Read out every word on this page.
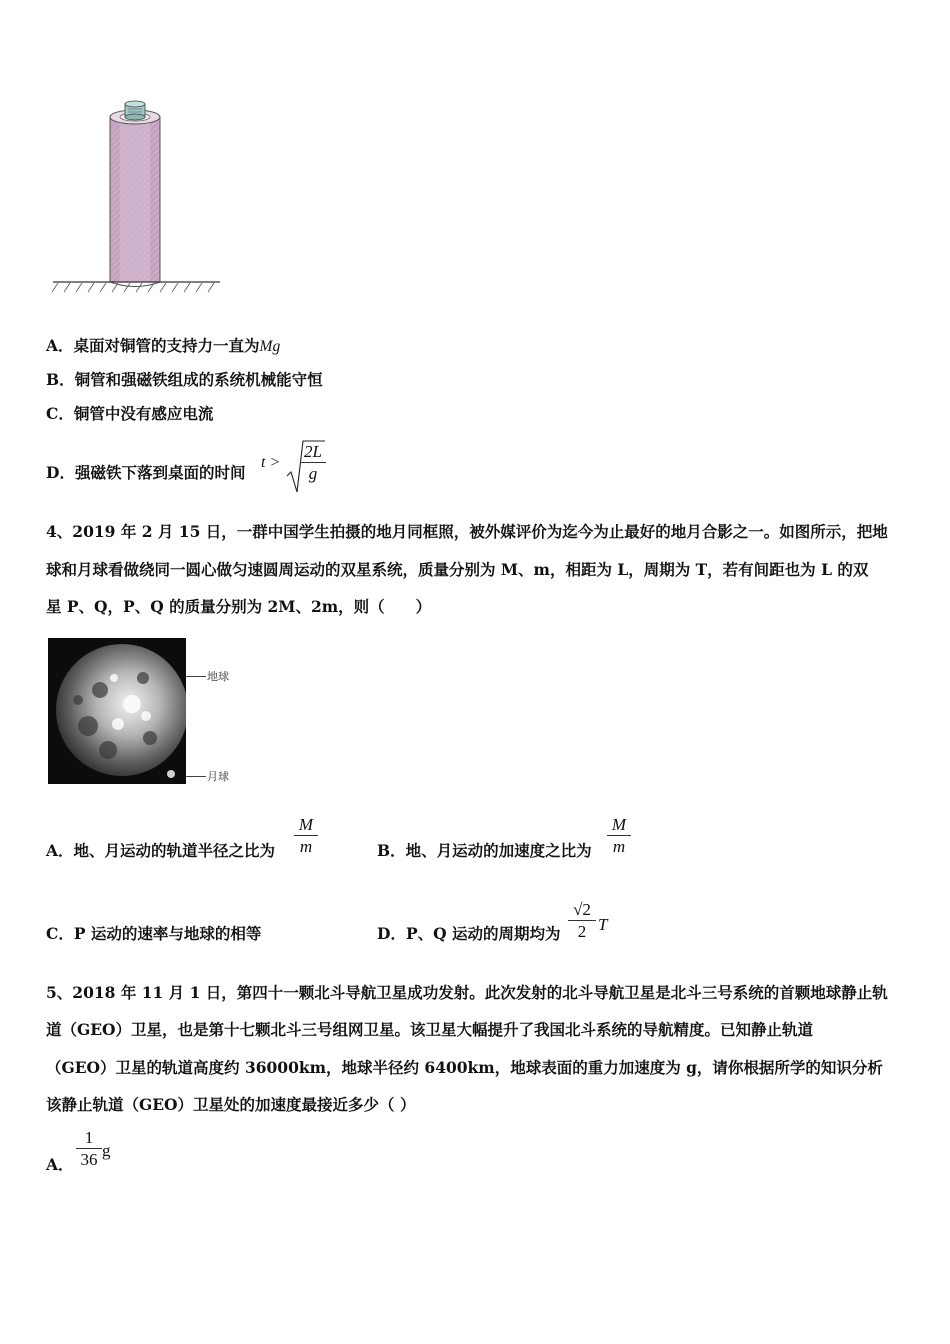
A．桌面对铜管的支持力一直为Mg
B．铜管和强磁铁组成的系统机械能守恒
C．铜管中没有感应电流
D．强磁铁下落到桌面的时间
$t > \frac{2L}{g}$
4、2019 年 2 月 15 日，一群中国学生拍摄的地月同框照，被外媒评价为迄今为止最好的地月合影之一。如图所示，把地
球和月球看做绕同一圆心做匀速圆周运动的双星系统，质量分别为 M、m，相距为 L，周期为 T，若有间距也为 L 的双
星 P、Q，P、Q 的质量分别为 2M、2m，则（　　）
地球
月球
A．地、月运动的轨道半径之比为 $\frac{M}{m}$	B．地、月运动的加速度之比为 $\frac{M}{m}$
C．P 运动的速率与地球的相等	D．P、Q 运动的周期均为 $\frac{√2}{2}$ T
5、2018 年 11 月 1 日，第四十一颗北斗导航卫星成功发射。此次发射的北斗导航卫星是北斗三号系统的首颗地球静止轨
道（GEO）卫星，也是第十七颗北斗三号组网卫星。该卫星大幅提升了我国北斗系统的导航精度。已知静止轨道
（GEO）卫星的轨道高度约 36000km，地球半径约 6400km，地球表面的重力加速度为 g，请你根据所学的知识分析
该静止轨道（GEO）卫星处的加速度最接近多少（ ）
A． $\frac{1}{36}$ g
